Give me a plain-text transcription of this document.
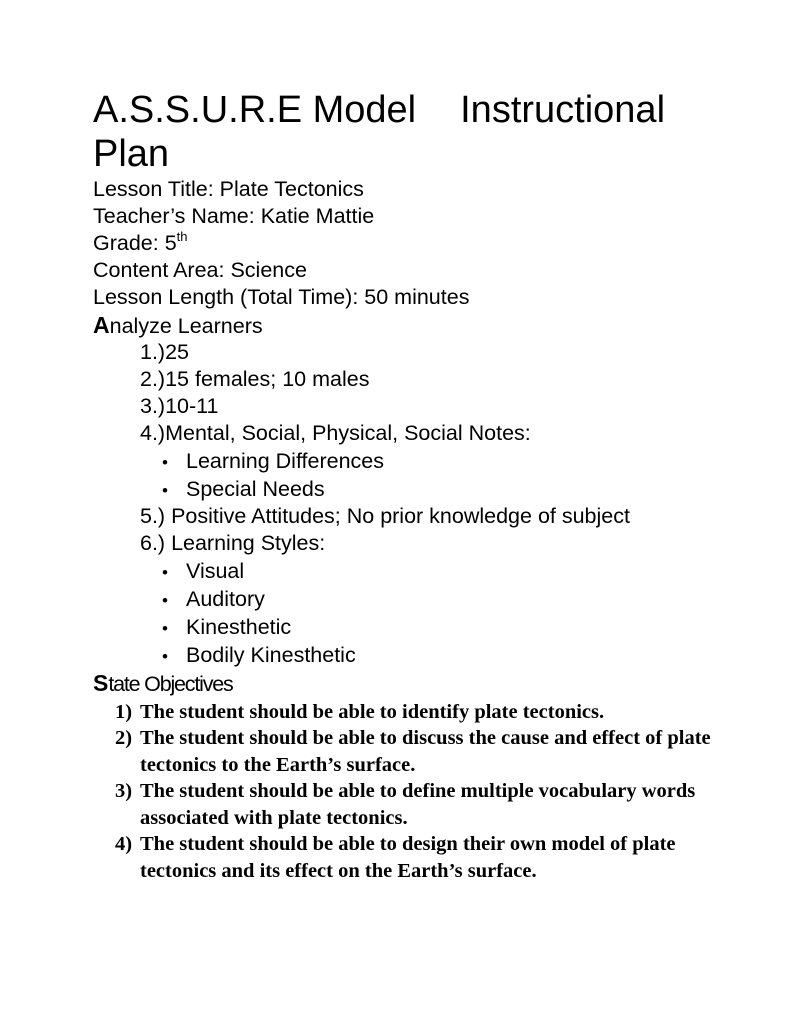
A.S.S.U.R.E Model Instructional
Plan
Lesson Title: Plate Tectonics
Teacher’s Name: Katie Mattie
Grade: 5th
Content Area: Science
Lesson Length (Total Time): 50 minutes
Analyze Learners
1.)25
2.)15 females; 10 males
3.)10-11
4.)Mental, Social, Physical, Social Notes:
• Learning Differences
• Special Needs
5.) Positive Attitudes; No prior knowledge of subject
6.) Learning Styles:
• Visual
• Auditory
• Kinesthetic
• Bodily Kinesthetic
State Objectives
1) The student should be able to identify plate tectonics.
2) The student should be able to discuss the cause and effect of plate tectonics to the Earth’s surface.
3) The student should be able to define multiple vocabulary words associated with plate tectonics.
4) The student should be able to design their own model of plate tectonics and its effect on the Earth’s surface.
